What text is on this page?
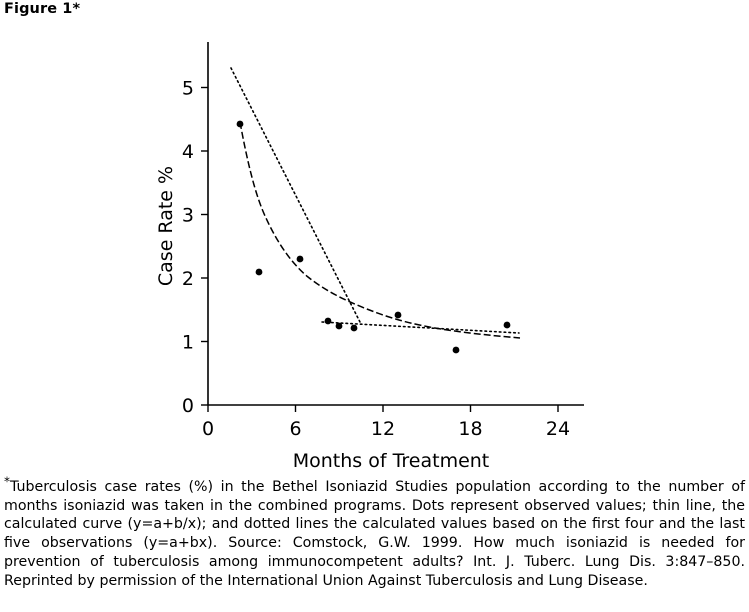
Figure 1*
0
1
2
3
4
5
0	6	12	18	24
Months of Treatment
Case Rate %
*Tuberculosis case rates (%) in the Bethel Isoniazid Studies population according to the number of months isoniazid was taken in the combined programs. Dots represent observed values; thin line, the calculated curve (y=a+b/x); and dotted lines the calculated values based on the first four and the last five observations (y=a+bx). Source: Comstock, G.W. 1999. How much isoniazid is needed for prevention of tuberculosis among immunocompetent adults? Int. J. Tuberc. Lung Dis. 3:847–850. Reprinted by permission of the International Union Against Tuberculosis and Lung Disease.
